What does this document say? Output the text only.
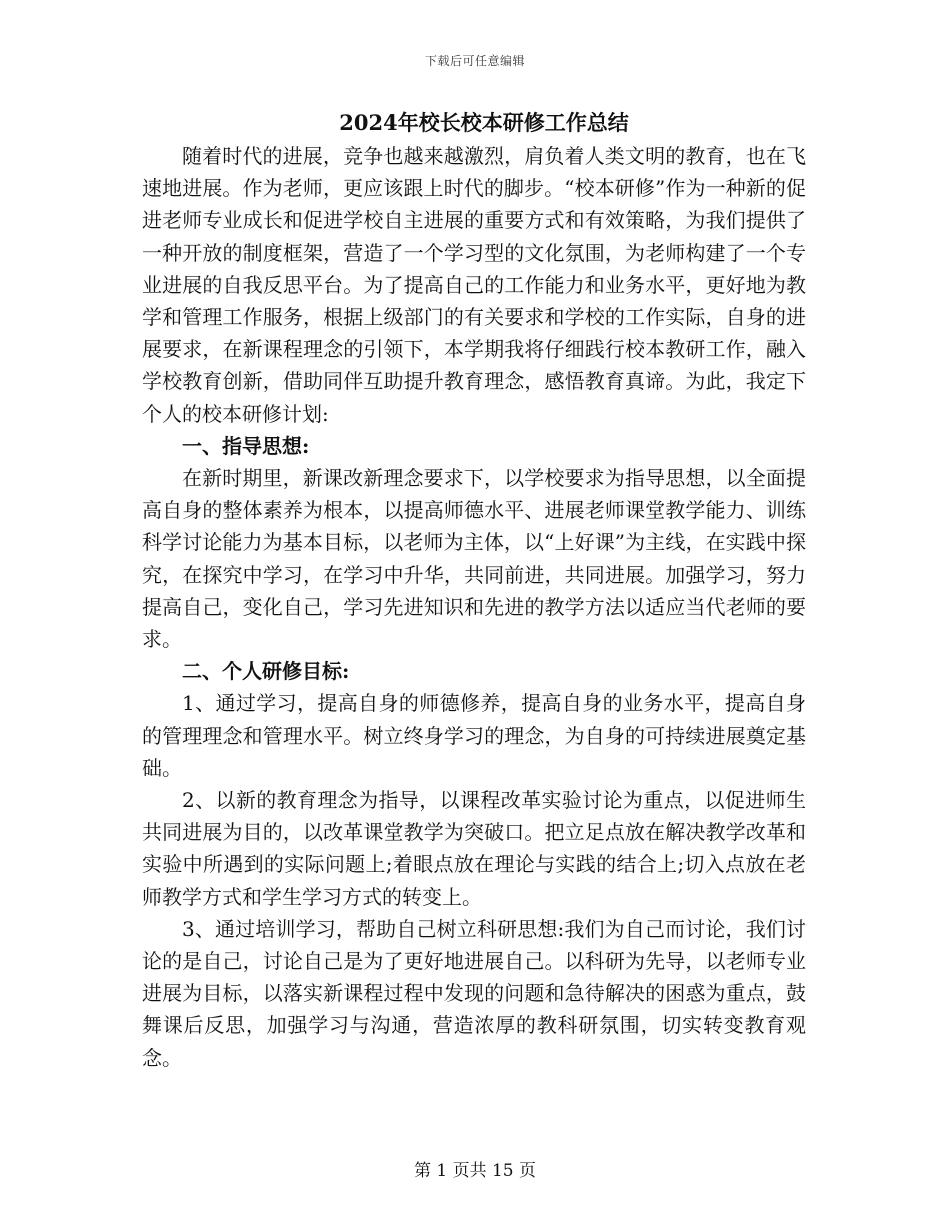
下载后可任意编辑
2024年校长校本研修工作总结

随着时代的进展，竞争也越来越激烈，肩负着人类文明的教育，也在飞速地进展。作为老师，更应该跟上时代的脚步。“校本研修”作为一种新的促进老师专业成长和促进学校自主进展的重要方式和有效策略，为我们提供了一种开放的制度框架，营造了一个学习型的文化氛围，为老师构建了一个专业进展的自我反思平台。为了提高自己的工作能力和业务水平，更好地为教学和管理工作服务，根据上级部门的有关要求和学校的工作实际，自身的进展要求，在新课程理念的引领下，本学期我将仔细践行校本教研工作，融入学校教育创新，借助同伴互助提升教育理念，感悟教育真谛。为此，我定下个人的校本研修计划:

一、指导思想:

在新时期里，新课改新理念要求下，以学校要求为指导思想，以全面提高自身的整体素养为根本，以提高师德水平、进展老师课堂教学能力、训练科学讨论能力为基本目标，以老师为主体，以“上好课”为主线，在实践中探究，在探究中学习，在学习中升华，共同前进，共同进展。加强学习，努力提高自己，变化自己，学习先进知识和先进的教学方法以适应当代老师的要求。

二、个人研修目标:

1、通过学习，提高自身的师德修养，提高自身的业务水平，提高自身的管理理念和管理水平。树立终身学习的理念，为自身的可持续进展奠定基础。

2、以新的教育理念为指导，以课程改革实验讨论为重点，以促进师生共同进展为目的，以改革课堂教学为突破口。把立足点放在解决教学改革和实验中所遇到的实际问题上;着眼点放在理论与实践的结合上;切入点放在老师教学方式和学生学习方式的转变上。

3、通过培训学习，帮助自己树立科研思想:我们为自己而讨论，我们讨论的是自己，讨论自己是为了更好地进展自己。以科研为先导，以老师专业进展为目标，以落实新课程过程中发现的问题和急待解决的困惑为重点，鼓舞课后反思，加强学习与沟通，营造浓厚的教科研氛围，切实转变教育观念。

第 1 页共 15 页
